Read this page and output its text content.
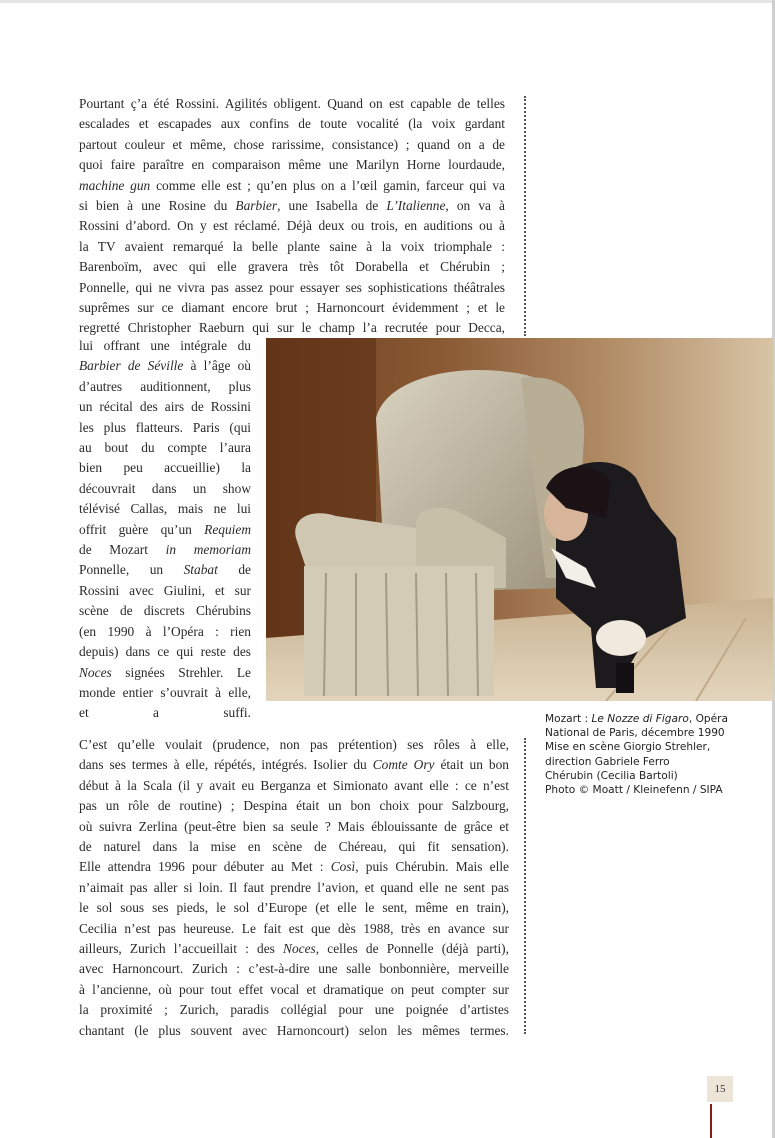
Pourtant ç’a été Rossini. Agilités obligent. Quand on est capable de telles
escalades et escapades aux confins de toute vocalité (la voix gardant
partout couleur et même, chose rarissime, consistance) ; quand on a de
quoi faire paraître en comparaison même une Marilyn Horne lourdaude,
machine gun comme elle est ; qu’en plus on a l’œil gamin, farceur qui va
si bien à une Rosine du Barbier, une Isabella de L’Italienne, on va à
Rossini d’abord. On y est réclamé. Déjà deux ou trois, en auditions ou à
la TV avaient remarqué la belle plante saine à la voix triomphale :
Barenboïm, avec qui elle gravera très tôt Dorabella et Chérubin ;
Ponnelle, qui ne vivra pas assez pour essayer ses sophistications théâtrales
suprêmes sur ce diamant encore brut ; Harnoncourt évidemment ; et le
regretté Christopher Raeburn qui sur le champ l’a recrutée pour Decca,

lui offrant une intégrale du
Barbier de Séville à l’âge où
d’autres auditionnent, plus
un récital des airs de Rossini
les plus flatteurs. Paris (qui
au bout du compte l’aura
bien peu accueillie) la
découvrait dans un show
télévisé Callas, mais ne lui
offrit guère qu’un Requiem
de Mozart in memoriam
Ponnelle, un Stabat de
Rossini avec Giulini, et sur
scène de discrets Chérubins
(en 1990 à l’Opéra : rien
depuis) dans ce qui reste des
Noces signées Strehler. Le
monde entier s’ouvrait à elle,
et a suffi.	Mozart : Le Nozze di Figaro, Opéra
National de Paris, décembre 1990
Mise en scène Giorgio Strehler,
direction Gabriele Ferro
Chérubin (Cecilia Bartoli)
Photo © Moatt / Kleinefenn / SIPA

C’est qu’elle voulait (prudence, non pas prétention) ses rôles à elle,
dans ses termes à elle, répétés, intégrés. Isolier du Comte Ory était un bon
début à la Scala (il y avait eu Berganza et Simionato avant elle : ce n’est
pas un rôle de routine) ; Despina était un bon choix pour Salzbourg,
où suivra Zerlina (peut-être bien sa seule ? Mais éblouissante de grâce et
de naturel dans la mise en scène de Chéreau, qui fit sensation).
Elle attendra 1996 pour débuter au Met : Così, puis Chérubin. Mais elle
n’aimait pas aller si loin. Il faut prendre l’avion, et quand elle ne sent pas
le sol sous ses pieds, le sol d’Europe (et elle le sent, même en train),
Cecilia n’est pas heureuse. Le fait est que dès 1988, très en avance sur
ailleurs, Zurich l’accueillait : des Noces, celles de Ponnelle (déjà parti),
avec Harnoncourt. Zurich : c’est-à-dire une salle bonbonnière, merveille
à l’ancienne, où pour tout effet vocal et dramatique on peut compter sur
la proximité ; Zurich, paradis collégial pour une poignée d’artistes
chantant (le plus souvent avec Harnoncourt) selon les mêmes termes.

15
